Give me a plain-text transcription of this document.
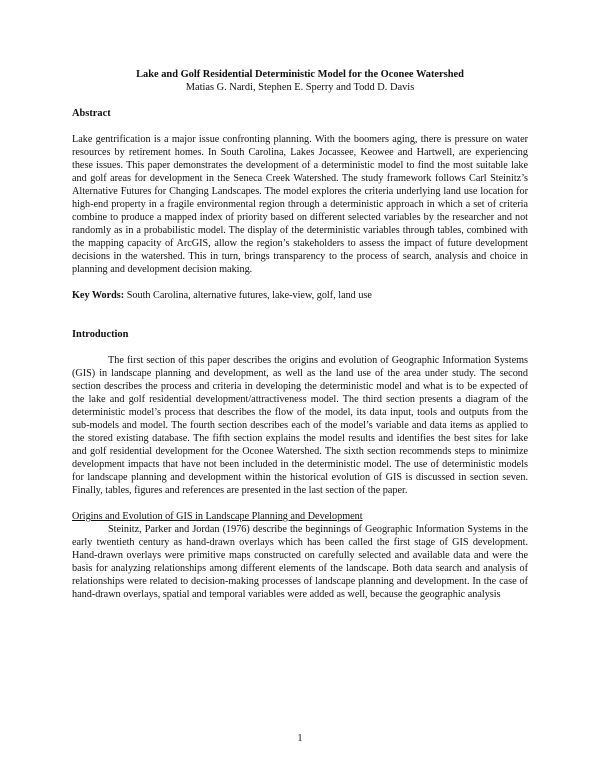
Lake and Golf Residential Deterministic Model for the Oconee Watershed

Matias G. Nardi, Stephen E. Sperry and Todd D. Davis

Abstract

Lake gentrification is a major issue confronting planning. With the boomers aging, there is pressure on water resources by retirement homes. In South Carolina, Lakes Jocassee, Keowee and Hartwell, are experiencing these issues. This paper demonstrates the development of a deterministic model to find the most suitable lake and golf areas for development in the Seneca Creek Watershed. The study framework follows Carl Steinitz’s Alternative Futures for Changing Landscapes. The model explores the criteria underlying land use location for high-end property in a fragile environmental region through a deterministic approach in which a set of criteria combine to produce a mapped index of priority based on different selected variables by the researcher and not randomly as in a probabilistic model. The display of the deterministic variables through tables, combined with the mapping capacity of ArcGIS, allow the region’s stakeholders to assess the impact of future development decisions in the watershed. This in turn, brings transparency to the process of search, analysis and choice in planning and development decision making.

Key Words: South Carolina, alternative futures, lake-view, golf, land use

Introduction

The first section of this paper describes the origins and evolution of Geographic Information Systems (GIS) in landscape planning and development, as well as the land use of the area under study. The second section describes the process and criteria in developing the deterministic model and what is to be expected of the lake and golf residential development/attractiveness model. The third section presents a diagram of the deterministic model’s process that describes the flow of the model, its data input, tools and outputs from the sub-models and model. The fourth section describes each of the model’s variable and data items as applied to the stored existing database. The fifth section explains the model results and identifies the best sites for lake and golf residential development for the Oconee Watershed. The sixth section recommends steps to minimize development impacts that have not been included in the deterministic model. The use of deterministic models for landscape planning and development within the historical evolution of GIS is discussed in section seven. Finally, tables, figures and references are presented in the last section of the paper.

Origins and Evolution of GIS in Landscape Planning and Development

Steinitz, Parker and Jordan (1976) describe the beginnings of Geographic Information Systems in the early twentieth century as hand-drawn overlays which has been called the first stage of GIS development. Hand-drawn overlays were primitive maps constructed on carefully selected and available data and were the basis for analyzing relationships among different elements of the landscape. Both data search and analysis of relationships were related to decision-making processes of landscape planning and development. In the case of hand-drawn overlays, spatial and temporal variables were added as well, because the geographic analysis

1
